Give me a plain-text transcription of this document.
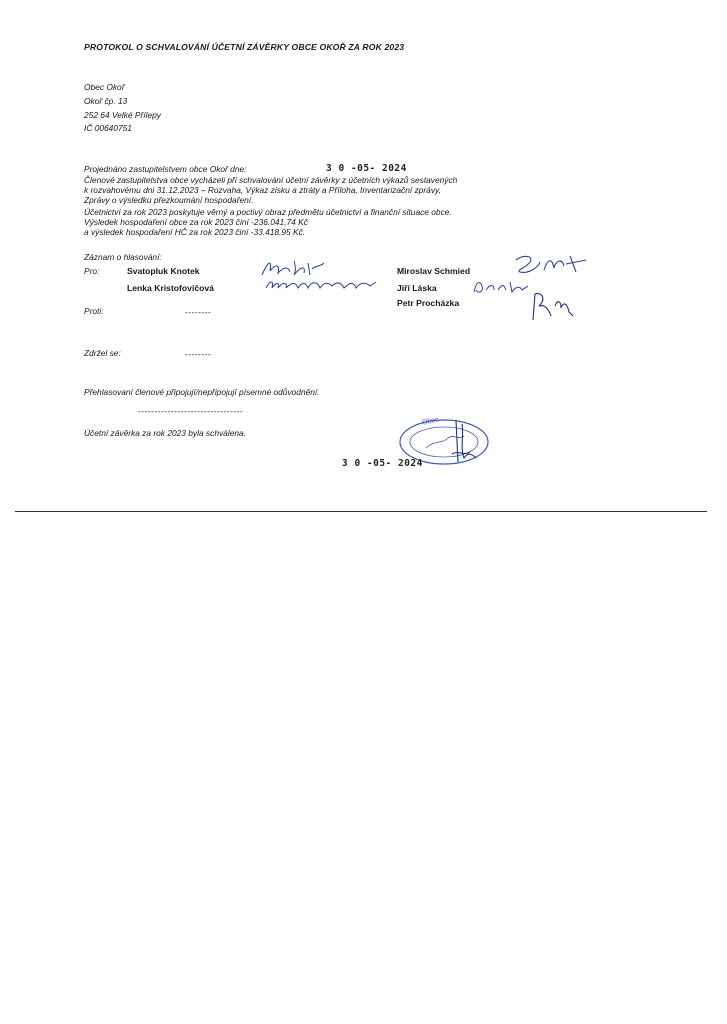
PROTOKOL O SCHVALOVÁNÍ ÚČETNÍ ZÁVĚRKY OBCE OKOŘ ZA ROK 2023
Obec Okoř
Okoř čp. 13
252 64 Velké Přílepy
IČ 00640751
Projednáno zastupitelstvem obce Okoř dne:	3 0 -05- 2024
Členové zastupitelstva obce vycházeli při schvalování účetní závěrky z účetních výkazů sestavených
k rozvahovému dni 31.12.2023 – Rozvaha, Výkaz zisku a ztráty a Příloha, Inventarizační zprávy,
Zprávy o výsledku přezkoumání hospodaření.
Účetnictví za rok 2023 poskytuje věrný a poctivý obraz předmětu účetnictví a finanční situace obce.
Výsledek hospodaření obce za rok 2023 činí -236.041,74 Kč
a výsledek hospodaření HČ za rok 2023 činí -33.418,95 Kč.
Záznam o hlasování:
Pro:	Svatopluk Knotek
Lenka Kristofovičová
Miroslav Schmied
Jiří Láska
Petr Procházka
Proti:	--------
Zdržel se:	--------
Přehlasovaní členové připojují/nepřipojují písemné odůvodnění.
--------------------------------
Účetní závěrka za rok 2023 byla schválena.
Obec
3 0 -05- 2024
